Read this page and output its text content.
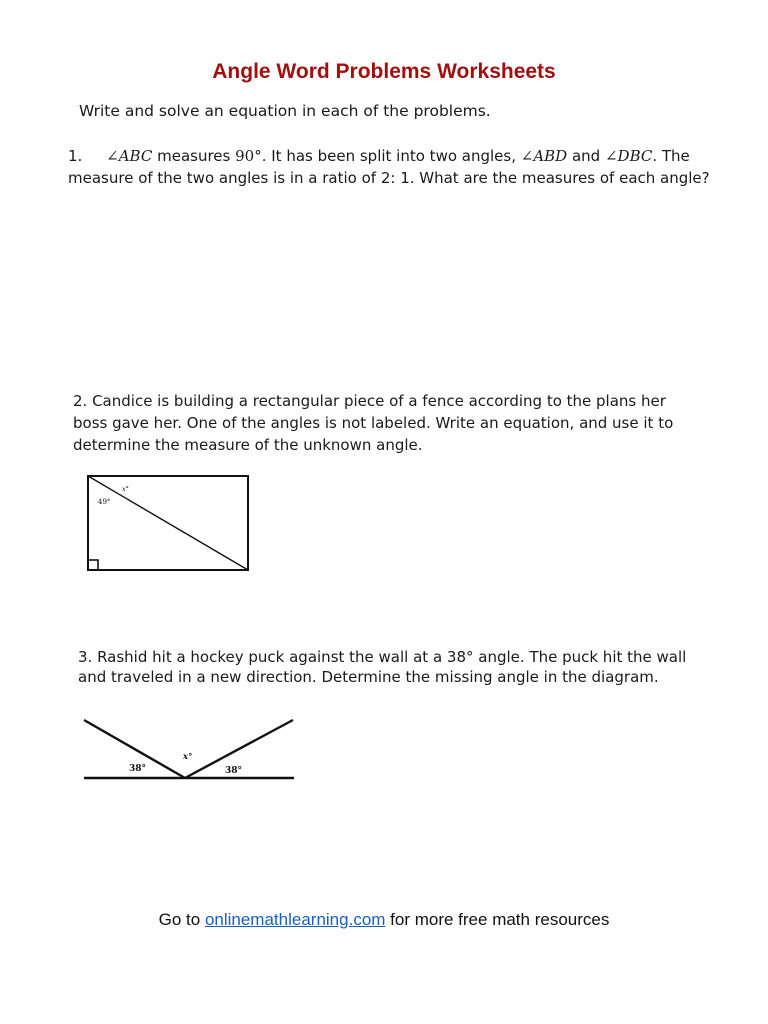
Angle Word Problems Worksheets
Write and solve an equation in each of the problems.
1. ∠ABC measures 90°. It has been split into two angles, ∠ABD and ∠DBC. The
measure of the two angles is in a ratio of 2: 1. What are the measures of each angle?
2. Candice is building a rectangular piece of a fence according to the plans her
boss gave her. One of the angles is not labeled. Write an equation, and use it to
determine the measure of the unknown angle.
49°
x°
3. Rashid hit a hockey puck against the wall at a 38° angle. The puck hit the wall
and traveled in a new direction. Determine the missing angle in the diagram.
38°	38°
x°
Go to onlinemathlearning.com for more free math resources
